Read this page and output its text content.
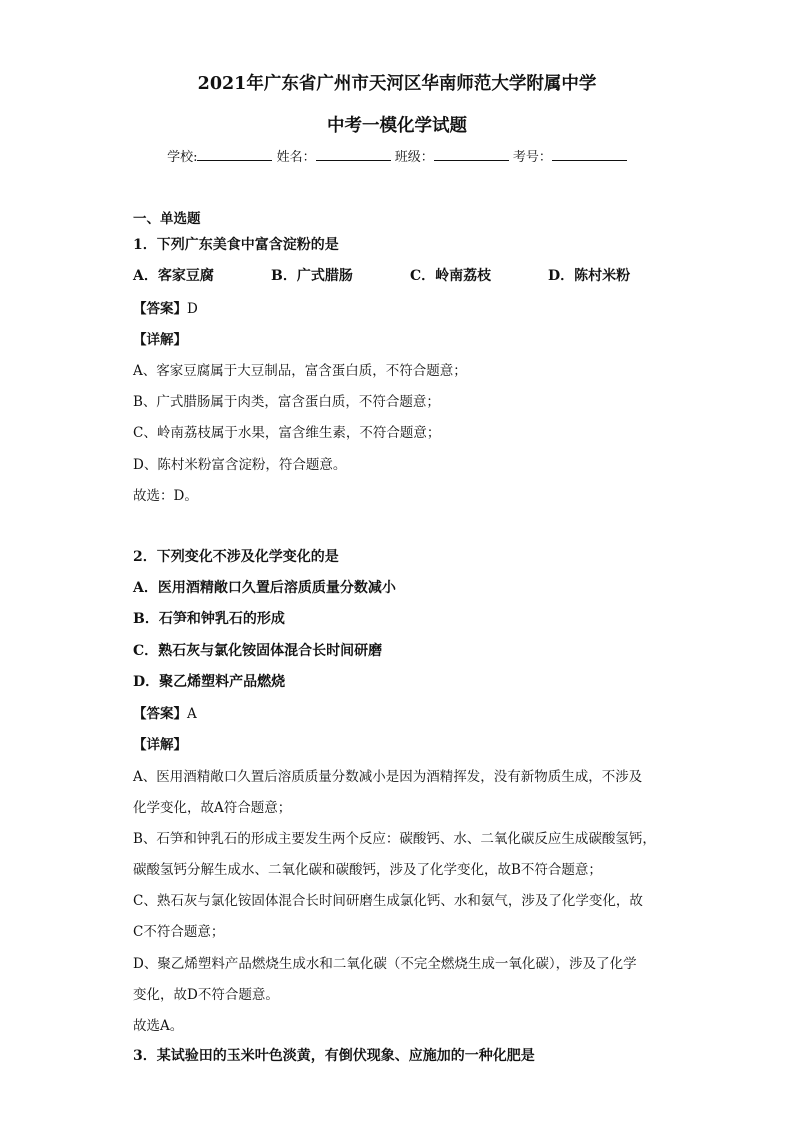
2021年广东省广州市天河区华南师范大学附属中学
中考一模化学试题
学校:	姓名：	班级：	考号：
一、单选题
1．下列广东美食中富含淀粉的是
A．客家豆腐	B．广式腊肠	C．岭南荔枝	D．陈村米粉
【答案】D
【详解】
A、客家豆腐属于大豆制品，富含蛋白质，不符合题意；
B、广式腊肠属于肉类，富含蛋白质，不符合题意；
C、岭南荔枝属于水果，富含维生素，不符合题意；
D、陈村米粉富含淀粉，符合题意。
故选：D。
2．下列变化不涉及化学变化的是
A．医用酒精敞口久置后溶质质量分数减小
B．石笋和钟乳石的形成
C．熟石灰与氯化铵固体混合长时间研磨
D．聚乙烯塑料产品燃烧
【答案】A
【详解】
A、医用酒精敞口久置后溶质质量分数减小是因为酒精挥发，没有新物质生成，不涉及
化学变化，故A符合题意；
B、石笋和钟乳石的形成主要发生两个反应：碳酸钙、水、二氧化碳反应生成碳酸氢钙，
碳酸氢钙分解生成水、二氧化碳和碳酸钙，涉及了化学变化，故B不符合题意；
C、熟石灰与氯化铵固体混合长时间研磨生成氯化钙、水和氨气，涉及了化学变化，故
C不符合题意；
D、聚乙烯塑料产品燃烧生成水和二氧化碳（不完全燃烧生成一氧化碳），涉及了化学
变化，故D不符合题意。
故选A。
3．某试验田的玉米叶色淡黄，有倒伏现象、应施加的一种化肥是
